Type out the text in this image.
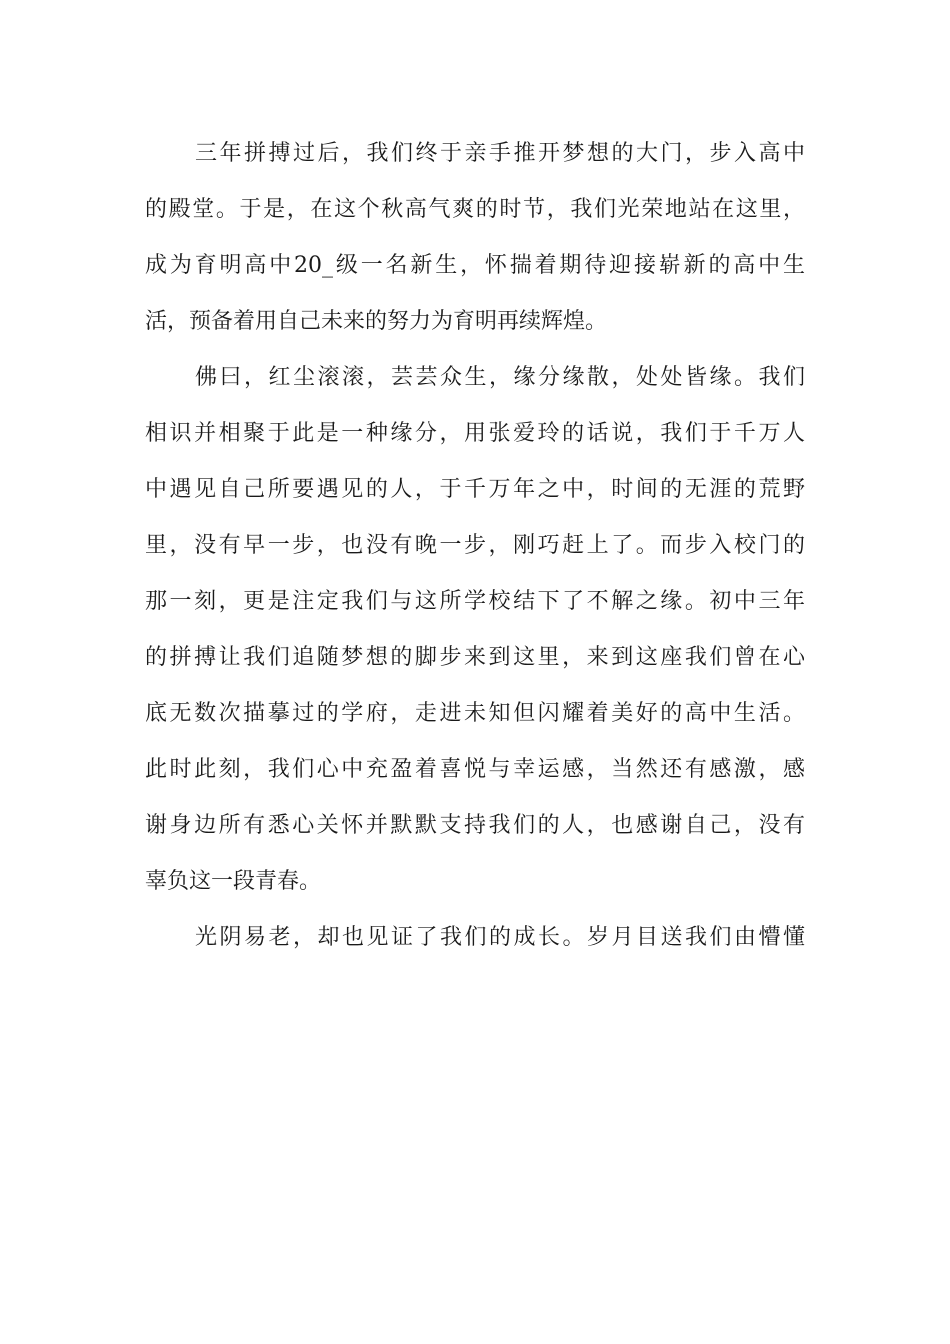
三年拼搏过后，我们终于亲手推开梦想的大门，步入高中
的殿堂。于是，在这个秋高气爽的时节，我们光荣地站在这里，
成为育明高中20_级一名新生，怀揣着期待迎接崭新的高中生
活，预备着用自己未来的努力为育明再续辉煌。
佛曰，红尘滚滚，芸芸众生，缘分缘散，处处皆缘。我们
相识并相聚于此是一种缘分，用张爱玲的话说，我们于千万人
中遇见自己所要遇见的人，于千万年之中，时间的无涯的荒野
里，没有早一步，也没有晚一步，刚巧赶上了。而步入校门的
那一刻，更是注定我们与这所学校结下了不解之缘。初中三年
的拼搏让我们追随梦想的脚步来到这里，来到这座我们曾在心
底无数次描摹过的学府，走进未知但闪耀着美好的高中生活。
此时此刻，我们心中充盈着喜悦与幸运感，当然还有感激，感
谢身边所有悉心关怀并默默支持我们的人，也感谢自己，没有
辜负这一段青春。
光阴易老，却也见证了我们的成长。岁月目送我们由懵懂
